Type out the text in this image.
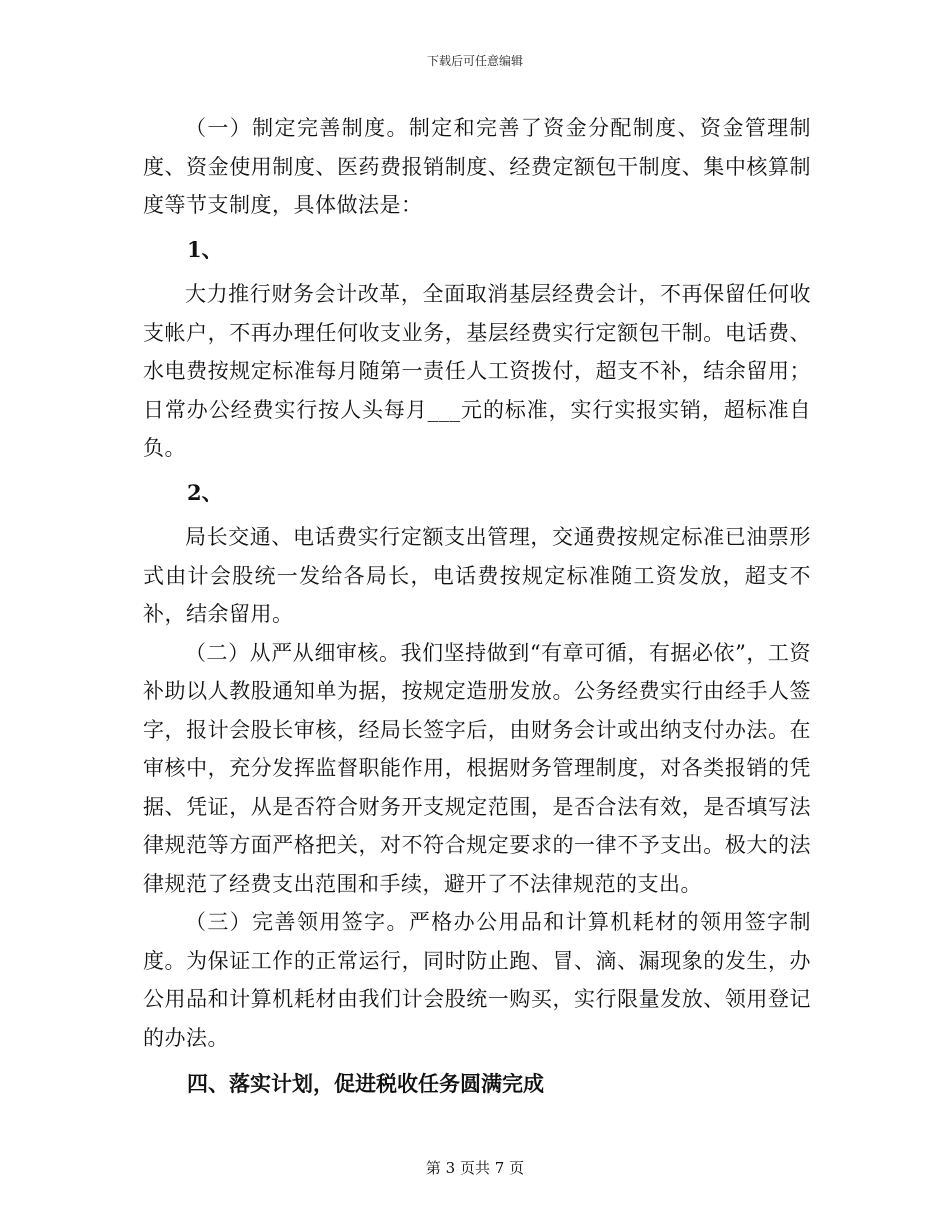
下载后可任意编辑

（一）制定完善制度。制定和完善了资金分配制度、资金管理制度、资金使用制度、医药费报销制度、经费定额包干制度、集中核算制度等节支制度，具体做法是：

1、

大力推行财务会计改革，全面取消基层经费会计，不再保留任何收支帐户，不再办理任何收支业务，基层经费实行定额包干制。电话费、水电费按规定标准每月随第一责任人工资拨付，超支不补，结余留用；日常办公经费实行按人头每月___元的标准，实行实报实销，超标准自负。

2、

局长交通、电话费实行定额支出管理，交通费按规定标准已油票形式由计会股统一发给各局长，电话费按规定标准随工资发放，超支不补，结余留用。

（二）从严从细审核。我们坚持做到“有章可循，有据必依”，工资补助以人教股通知单为据，按规定造册发放。公务经费实行由经手人签字，报计会股长审核，经局长签字后，由财务会计或出纳支付办法。在审核中，充分发挥监督职能作用，根据财务管理制度，对各类报销的凭据、凭证，从是否符合财务开支规定范围，是否合法有效，是否填写法律规范等方面严格把关，对不符合规定要求的一律不予支出。极大的法律规范了经费支出范围和手续，避开了不法律规范的支出。

（三）完善领用签字。严格办公用品和计算机耗材的领用签字制度。为保证工作的正常运行，同时防止跑、冒、滴、漏现象的发生，办公用品和计算机耗材由我们计会股统一购买，实行限量发放、领用登记的办法。

四、落实计划，促进税收任务圆满完成

第 3 页共 7 页
